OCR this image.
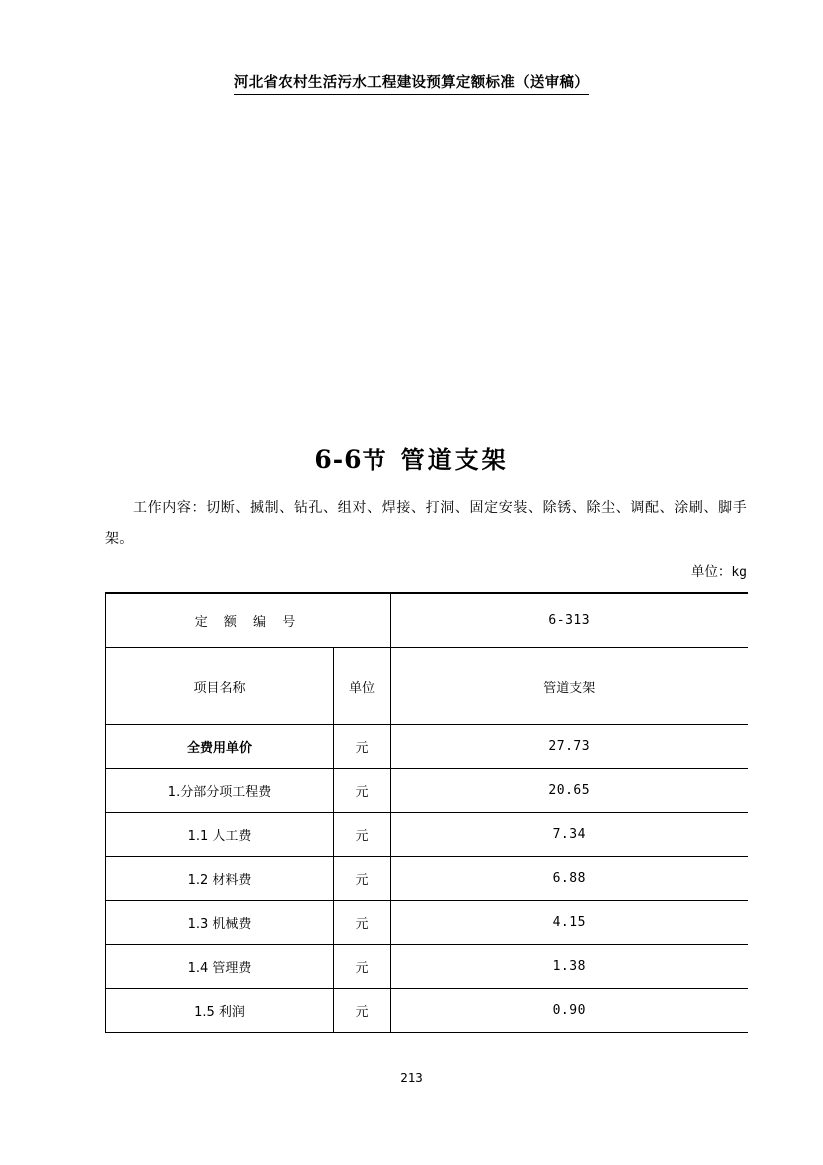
河北省农村生活污水工程建设预算定额标准（送审稿）
6-6节 管道支架
工作内容：切断、搣制、钻孔、组对、焊接、打洞、固定安装、除锈、除尘、调配、涂刷、脚手架。
单位：kg
定 额 编 号		6-313
项目名称	单位	管道支架
全费用单价	元	27.73
1.分部分项工程费	元	20.65
1.1 人工费	元	7.34
1.2 材料费	元	6.88
1.3 机械费	元	4.15
1.4 管理费	元	1.38
1.5 利润	元	0.90
213
